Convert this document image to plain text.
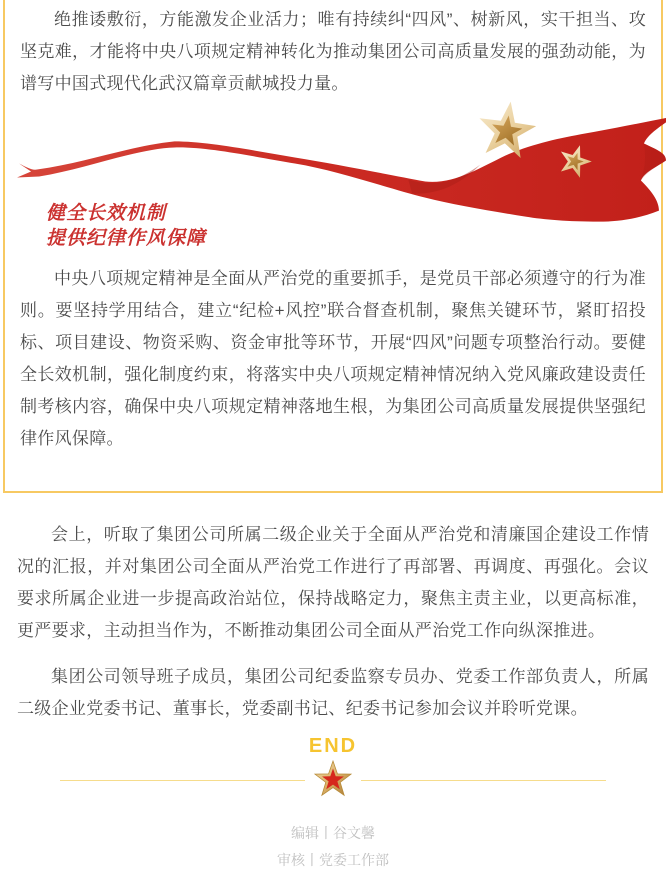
绝推诿敷衍，方能激发企业活力；唯有持续纠“四风”、树新风，实干担当、攻坚克难，才能将中央八项规定精神转化为推动集团公司高质量发展的强劲动能，为谱写中国式现代化武汉篇章贡献城投力量。

健全长效机制
提供纪律作风保障

中央八项规定精神是全面从严治党的重要抓手，是党员干部必须遵守的行为准则。要坚持学用结合，建立“纪检+风控”联合督查机制，聚焦关键环节，紧盯招投标、项目建设、物资采购、资金审批等环节，开展“四风”问题专项整治行动。要健全长效机制，强化制度约束，将落实中央八项规定精神情况纳入党风廉政建设责任制考核内容，确保中央八项规定精神落地生根，为集团公司高质量发展提供坚强纪律作风保障。

会上，听取了集团公司所属二级企业关于全面从严治党和清廉国企建设工作情况的汇报，并对集团公司全面从严治党工作进行了再部署、再调度、再强化。会议要求所属企业进一步提高政治站位，保持战略定力，聚焦主责主业，以更高标准，更严要求，主动担当作为，不断推动集团公司全面从严治党工作向纵深推进。

集团公司领导班子成员，集团公司纪委监察专员办、党委工作部负责人，所属二级企业党委书记、董事长，党委副书记、纪委书记参加会议并聆听党课。

END
编辑丨谷文馨
审核丨党委工作部
